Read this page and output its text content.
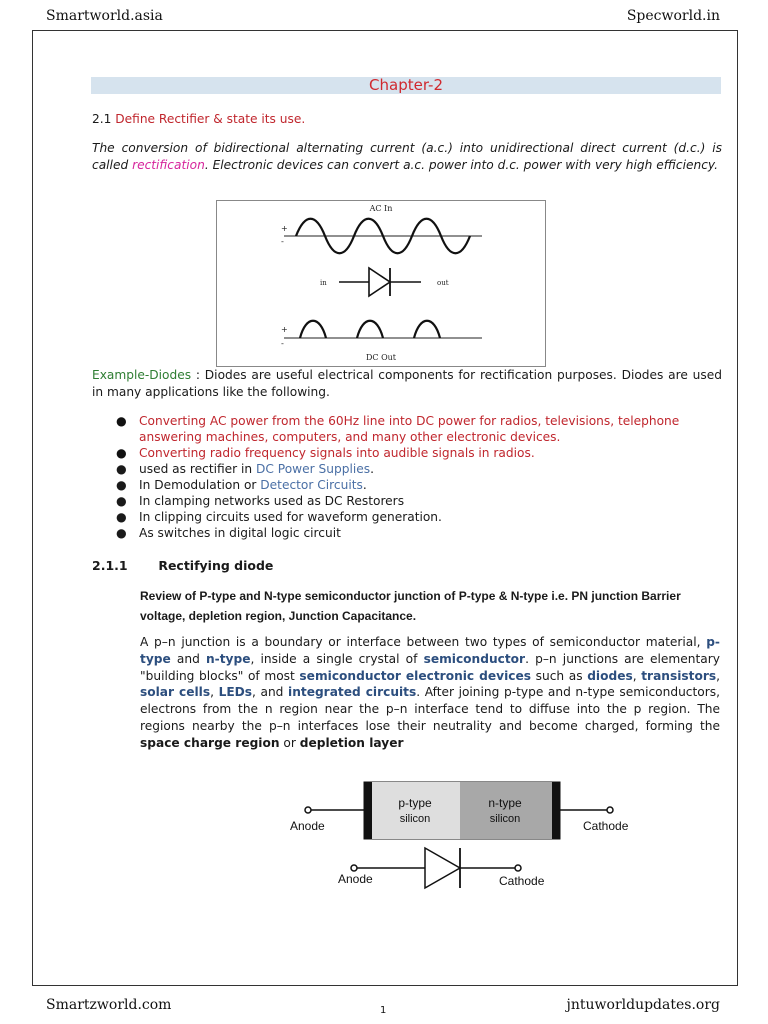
Smartworld.asia	Specworld.in
Chapter-2
2.1 Define Rectifier & state its use.
The conversion of bidirectional alternating current (a.c.) into unidirectional direct current (d.c.) is called rectification. Electronic devices can convert a.c. power into d.c. power with very high efficiency.
AC In
+
-
in	out
+
-
DC Out
Example-Diodes : Diodes are useful electrical components for rectification purposes. Diodes are used in many applications like the following.
● Converting AC power from the 60Hz line into DC power for radios, televisions, telephone answering machines, computers, and many other electronic devices.
● Converting radio frequency signals into audible signals in radios.
● used as rectifier in DC Power Supplies.
● In Demodulation or Detector Circuits.
● In clamping networks used as DC Restorers
● In clipping circuits used for waveform generation.
● As switches in digital logic circuit
2.1.1 Rectifying diode
Review of P-type and N-type semiconductor junction of P-type & N-type i.e. PN junction Barrier voltage, depletion region, Junction Capacitance.
A p–n junction is a boundary or interface between two types of semiconductor material, p-type and n-type, inside a single crystal of semiconductor. p–n junctions are elementary "building blocks" of most semiconductor electronic devices such as diodes, transistors, solar cells, LEDs, and integrated circuits. After joining p-type and n-type semiconductors, electrons from the n region near the p–n interface tend to diffuse into the p region. The regions nearby the p–n interfaces lose their neutrality and become charged, forming the space charge region or depletion layer
p-type
silicon
n-type
silicon
Anode	Cathode
Anode	Cathode
Smartzworld.com	1	jntuworldupdates.org
